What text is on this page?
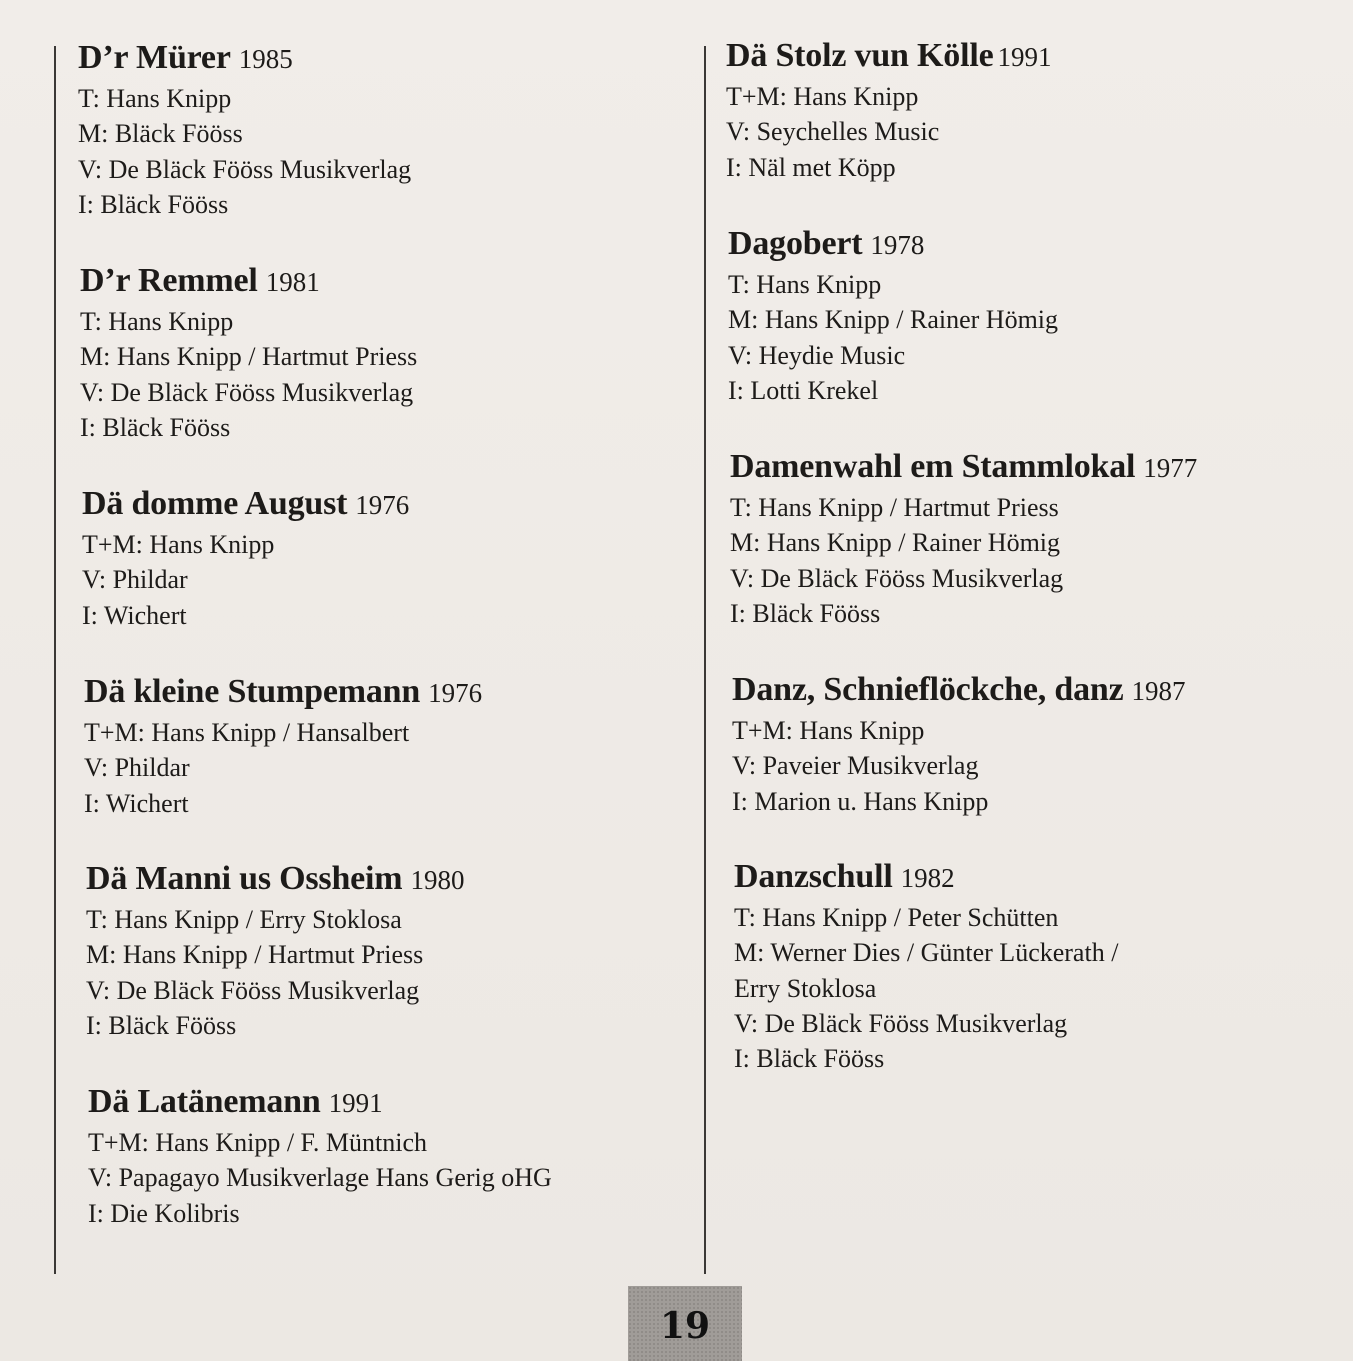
D’r Mürer 1985

T: Hans Knipp

M: Bläck Fööss

V: De Bläck Fööss Musikverlag

I: Bläck Fööss

D’r Remmel 1981

T: Hans Knipp

M: Hans Knipp / Hartmut Priess

V: De Bläck Fööss Musikverlag

I: Bläck Fööss

Dä domme August 1976

T+M: Hans Knipp

V: Phildar

I: Wichert

Dä kleine Stumpemann 1976

T+M: Hans Knipp / Hansalbert

V: Phildar

I: Wichert

Dä Manni us Ossheim 1980

T: Hans Knipp / Erry Stoklosa

M: Hans Knipp / Hartmut Priess

V: De Bläck Fööss Musikverlag

I: Bläck Fööss

Dä Latänemann 1991

T+M: Hans Knipp / F. Müntnich

V: Papagayo Musikverlage Hans Gerig oHG

I: Die Kolibris

Dä Stolz vun Kölle 1991

T+M: Hans Knipp

V: Seychelles Music

I: Näl met Köpp

Dagobert 1978

T: Hans Knipp

M: Hans Knipp / Rainer Hömig

V: Heydie Music

I: Lotti Krekel

Damenwahl em Stammlokal 1977

T: Hans Knipp / Hartmut Priess

M: Hans Knipp / Rainer Hömig

V: De Bläck Fööss Musikverlag

I: Bläck Fööss

Danz, Schnieflöckche, danz 1987

T+M: Hans Knipp

V: Paveier Musikverlag

I: Marion u. Hans Knipp

Danzschull 1982

T: Hans Knipp / Peter Schütten

M: Werner Dies / Günter Lückerath /

Erry Stoklosa

V: De Bläck Fööss Musikverlag

I: Bläck Fööss

19
